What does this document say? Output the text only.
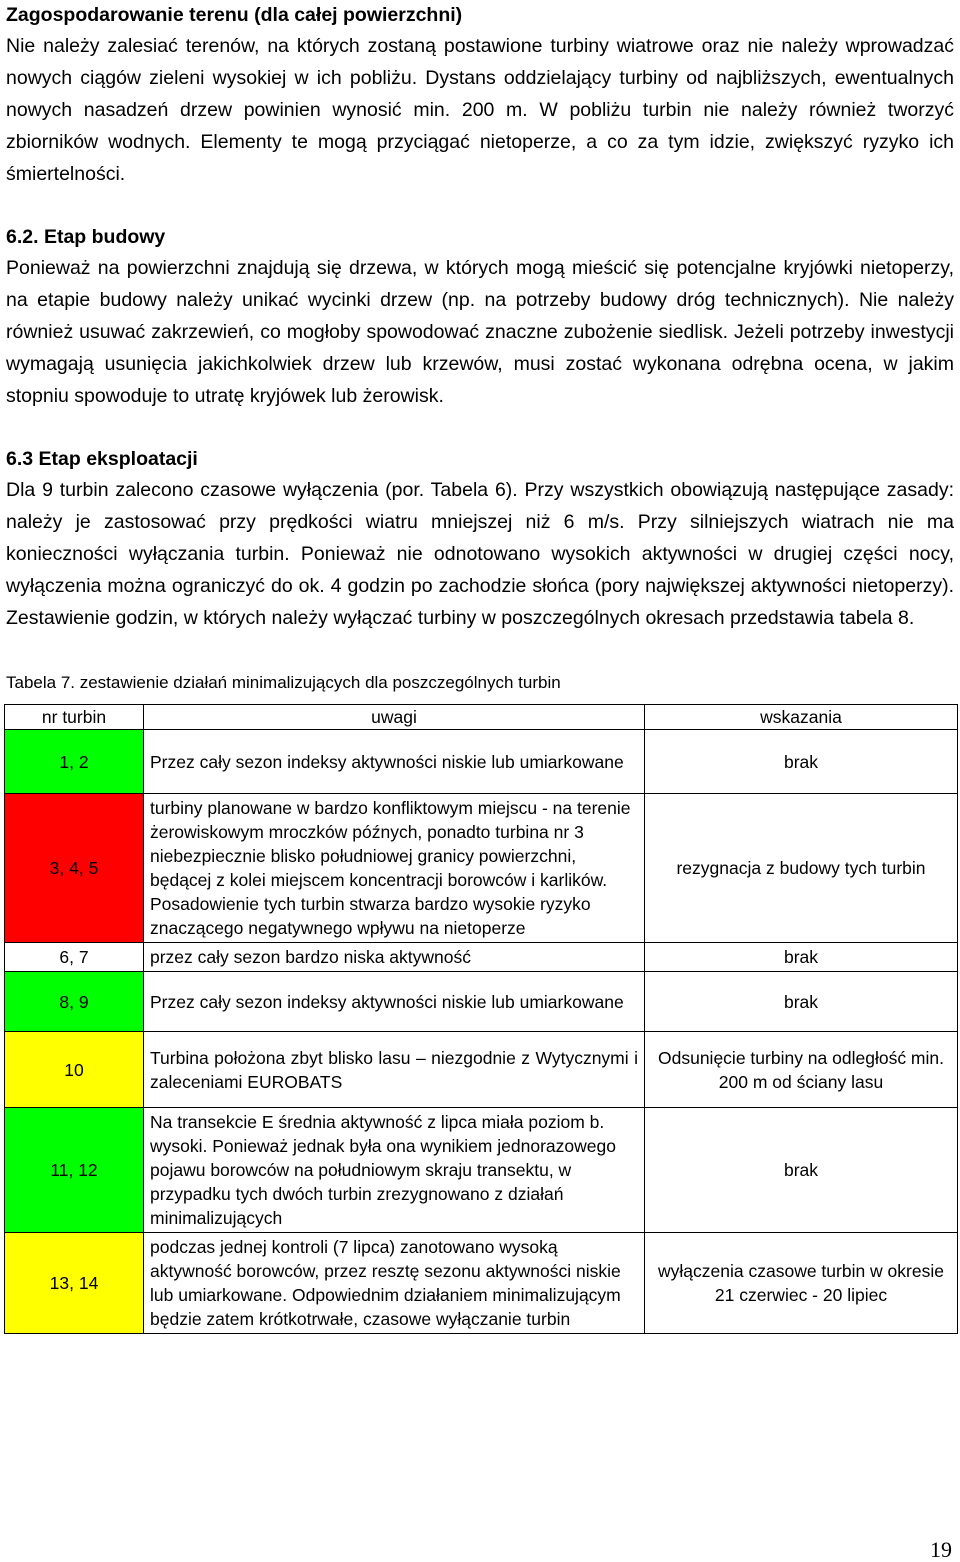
Zagospodarowanie terenu (dla całej powierzchni)

Nie należy zalesiać terenów, na których zostaną postawione turbiny wiatrowe oraz nie należy wprowadzać nowych ciągów zieleni wysokiej w ich pobliżu. Dystans oddzielający turbiny od najbliższych, ewentualnych nowych nasadzeń drzew powinien wynosić min. 200 m. W pobliżu turbin nie należy również tworzyć zbiorników wodnych. Elementy te mogą przyciągać nietoperze, a co za tym idzie, zwiększyć ryzyko ich śmiertelności.

6.2. Etap budowy

Ponieważ na powierzchni znajdują się drzewa, w których mogą mieścić się potencjalne kryjówki nietoperzy, na etapie budowy należy unikać wycinki drzew (np. na potrzeby budowy dróg technicznych). Nie należy również usuwać zakrzewień, co mogłoby spowodować znaczne zubożenie siedlisk. Jeżeli potrzeby inwestycji wymagają usunięcia jakichkolwiek drzew lub krzewów, musi zostać wykonana odrębna ocena, w jakim stopniu spowoduje to utratę kryjówek lub żerowisk.

6.3 Etap eksploatacji

Dla 9 turbin zalecono czasowe wyłączenia (por. Tabela 6). Przy wszystkich obowiązują następujące zasady: należy je zastosować przy prędkości wiatru mniejszej niż 6 m/s. Przy silniejszych wiatrach nie ma konieczności wyłączania turbin. Ponieważ nie odnotowano wysokich aktywności w drugiej części nocy, wyłączenia można ograniczyć do ok. 4 godzin po zachodzie słońca (pory największej aktywności nietoperzy). Zestawienie godzin, w których należy wyłączać turbiny w poszczególnych okresach przedstawia tabela 8.

Tabela 7. zestawienie działań minimalizujących dla poszczególnych turbin

nr turbin	uwagi	wskazania
1, 2	Przez cały sezon indeksy aktywności niskie lub umiarkowane	brak
3, 4, 5	turbiny planowane w bardzo konfliktowym miejscu - na terenie żerowiskowym mroczków późnych, ponadto turbina nr 3 niebezpiecznie blisko południowej granicy powierzchni, będącej z kolei miejscem koncentracji borowców i karlików. Posadowienie tych turbin stwarza bardzo wysokie ryzyko znaczącego negatywnego wpływu na nietoperze	rezygnacja z budowy tych turbin
6, 7	przez cały sezon bardzo niska aktywność	brak
8, 9	Przez cały sezon indeksy aktywności niskie lub umiarkowane	brak
10	Turbina położona zbyt blisko lasu – niezgodnie z Wytycznymi i zaleceniami EUROBATS	Odsunięcie turbiny na odległość min. 200 m od ściany lasu
11, 12	Na transekcie E średnia aktywność z lipca miała poziom b. wysoki. Ponieważ jednak była ona wynikiem jednorazowego pojawu borowców na południowym skraju transektu, w przypadku tych dwóch turbin zrezygnowano z działań minimalizujących	brak
13, 14	podczas jednej kontroli (7 lipca) zanotowano wysoką aktywność borowców, przez resztę sezonu aktywności niskie lub umiarkowane. Odpowiednim działaniem minimalizującym będzie zatem krótkotrwałe, czasowe wyłączanie turbin	wyłączenia czasowe turbin w okresie 21 czerwiec - 20 lipiec
19
